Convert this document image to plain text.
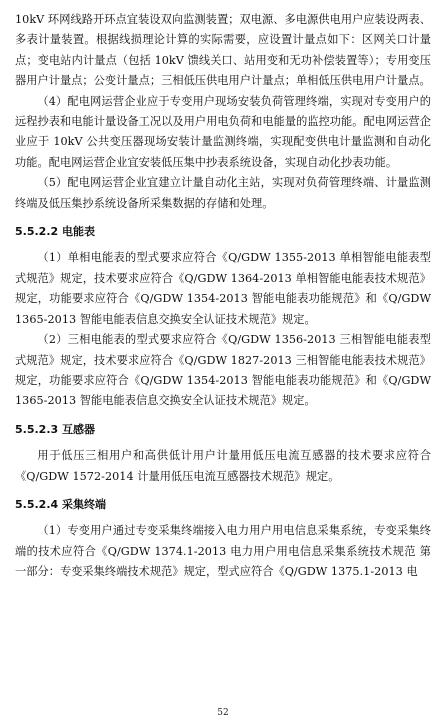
10kV 环网线路开环点宜装设双向监测装置；双电源、多电源供电用户应装设两表、多表计量装置。根据线损理论计算的实际需要，应设置计量点如下：区网关口计量点；变电站内计量点（包括 10kV 馈线关口、站用变和无功补偿装置等）；专用变压器用户计量点；公变计量点；三相低压供电用户计量点；单相低压供电用户计量点。

（4）配电网运营企业应于专变用户现场安装负荷管理终端，实现对专变用户的远程抄表和电能计量设备工况以及用户用电负荷和电能量的监控功能。配电网运营企业应于 10kV 公共变压器现场安装计量监测终端，实现配变供电计量监测和自动化功能。配电网运营企业宜安装低压集中抄表系统设备，实现自动化抄表功能。

（5）配电网运营企业宜建立计量自动化主站，实现对负荷管理终端、计量监测终端及低压集抄系统设备所采集数据的存储和处理。

5.5.2.2 电能表

（1）单相电能表的型式要求应符合《Q/GDW 1355-2013 单相智能电能表型式规范》规定，技术要求应符合《Q/GDW 1364-2013 单相智能电能表技术规范》规定，功能要求应符合《Q/GDW 1354-2013 智能电能表功能规范》和《Q/GDW 1365-2013 智能电能表信息交换安全认证技术规范》规定。

（2）三相电能表的型式要求应符合《Q/GDW 1356-2013 三相智能电能表型式规范》规定，技术要求应符合《Q/GDW 1827-2013 三相智能电能表技术规范》规定，功能要求应符合《Q/GDW 1354-2013 智能电能表功能规范》和《Q/GDW 1365-2013 智能电能表信息交换安全认证技术规范》规定。

5.5.2.3 互感器

用于低压三相用户和高供低计用户计量用低压电流互感器的技术要求应符合《Q/GDW 1572-2014 计量用低压电流互感器技术规范》规定。

5.5.2.4 采集终端

（1）专变用户通过专变采集终端接入电力用户用电信息采集系统，专变采集终端的技术应符合《Q/GDW 1374.1-2013 电力用户用电信息采集系统技术规范 第一部分：专变采集终端技术规范》规定，型式应符合《Q/GDW 1375.1-2013 电

52
